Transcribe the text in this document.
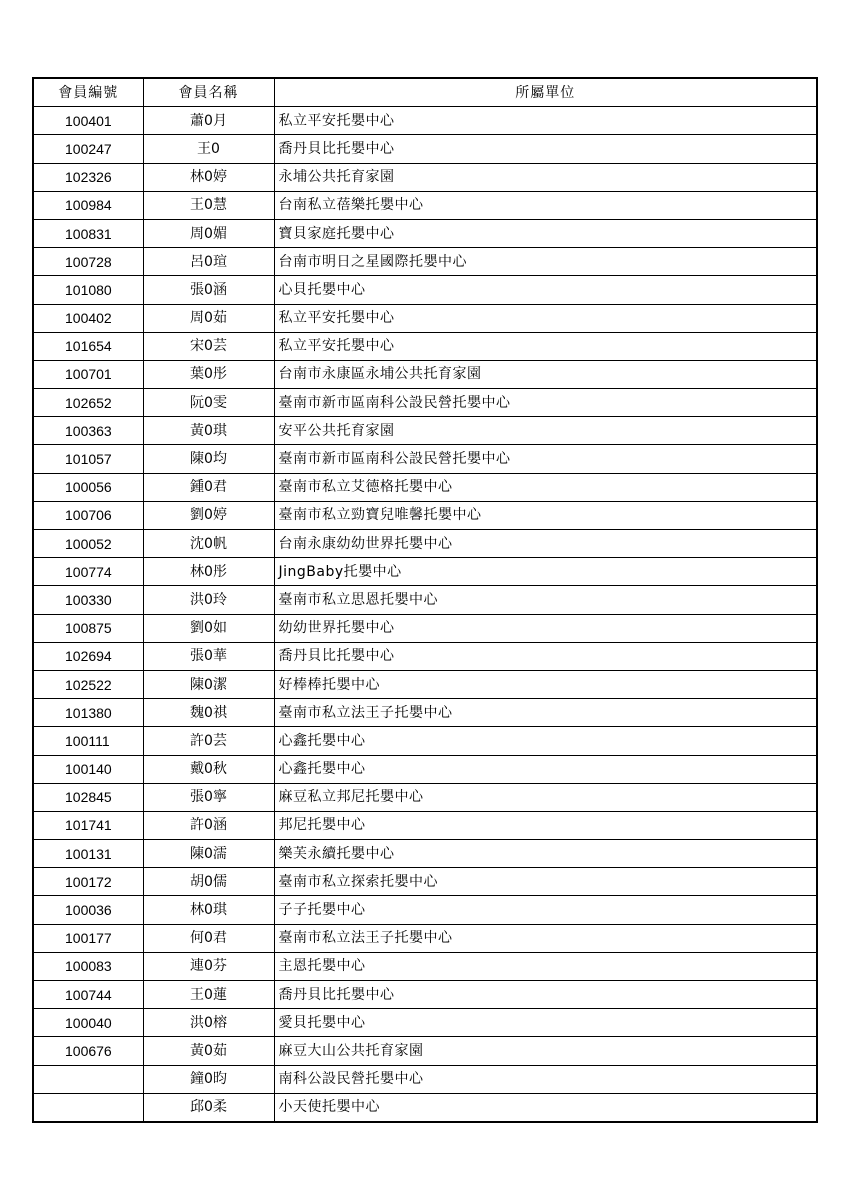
會員編號	會員名稱	所屬單位
100401	蕭0月	私立平安托嬰中心
100247	王0	喬丹貝比托嬰中心
102326	林0婷	永埔公共托育家園
100984	王0慧	台南私立蓓樂托嬰中心
100831	周0媚	寶貝家庭托嬰中心
100728	呂0瑄	台南市明日之星國際托嬰中心
101080	張0涵	心貝托嬰中心
100402	周0茹	私立平安托嬰中心
101654	宋0芸	私立平安托嬰中心
100701	葉0彤	台南市永康區永埔公共托育家園
102652	阮0雯	臺南市新市區南科公設民營托嬰中心
100363	黃0琪	安平公共托育家園
101057	陳0均	臺南市新市區南科公設民營托嬰中心
100056	鍾0君	臺南市私立艾德格托嬰中心
100706	劉0婷	臺南市私立勁寶兒唯馨托嬰中心
100052	沈0帆	台南永康幼幼世界托嬰中心
100774	林0彤	JingBaby托嬰中心
100330	洪0玲	臺南市私立思恩托嬰中心
100875	劉0如	幼幼世界托嬰中心
102694	張0華	喬丹貝比托嬰中心
102522	陳0潔	好棒棒托嬰中心
101380	魏0祺	臺南市私立法王子托嬰中心
100111	許0芸	心鑫托嬰中心
100140	戴0秋	心鑫托嬰中心
102845	張0寧	麻豆私立邦尼托嬰中心
101741	許0涵	邦尼托嬰中心
100131	陳0濡	樂芙永續托嬰中心
100172	胡0儒	臺南市私立探索托嬰中心
100036	林0琪	子子托嬰中心
100177	何0君	臺南市私立法王子托嬰中心
100083	連0芬	主恩托嬰中心
100744	王0蓮	喬丹貝比托嬰中心
100040	洪0榕	愛貝托嬰中心
100676	黃0茹	麻豆大山公共托育家園
	鐘0昀	南科公設民營托嬰中心
	邱0柔	小天使托嬰中心
